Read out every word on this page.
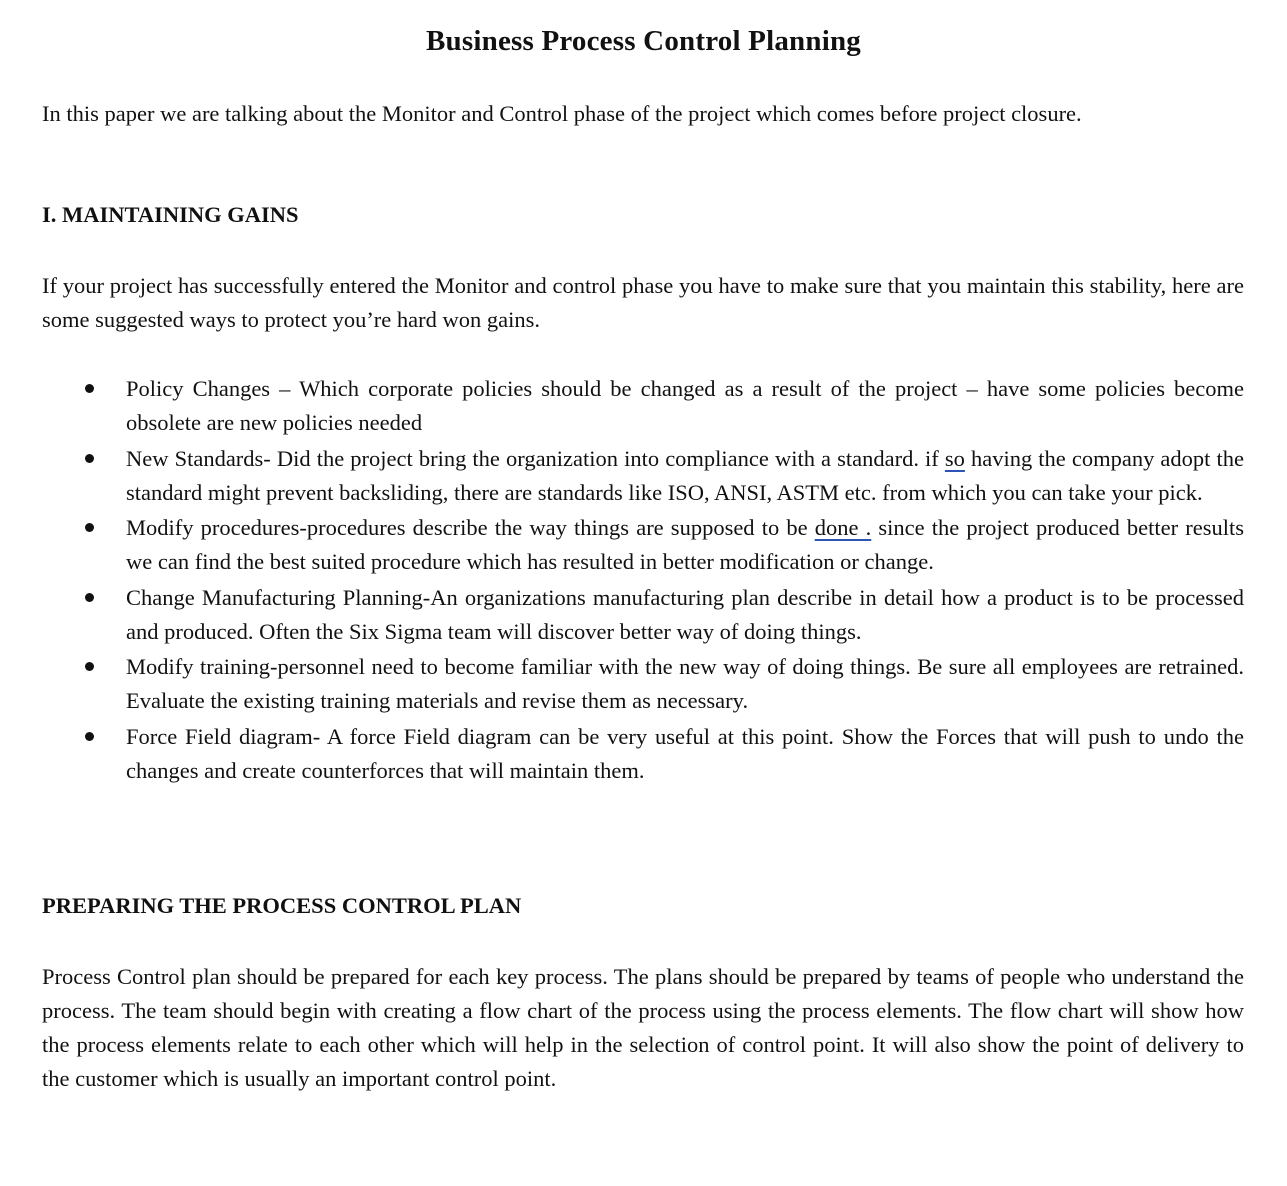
Business Process Control Planning

In this paper we are talking about the Monitor and Control phase of the project which comes before project closure.

I. MAINTAINING GAINS

If your project has successfully entered the Monitor and control phase you have to make sure that you maintain this stability, here are some suggested ways to protect you’re hard won gains.

Policy Changes – Which corporate policies should be changed as a result of the project – have some policies become obsolete are new policies needed
New Standards- Did the project bring the organization into compliance with a standard. if so having the company adopt the standard might prevent backsliding, there are standards like ISO, ANSI, ASTM etc. from which you can take your pick.
Modify procedures-procedures describe the way things are supposed to be done . since the project produced better results we can find the best suited procedure which has resulted in better modification or change.
Change Manufacturing Planning-An organizations manufacturing plan describe in detail how a product is to be processed and produced. Often the Six Sigma team will discover better way of doing things.
Modify training-personnel need to become familiar with the new way of doing things. Be sure all employees are retrained. Evaluate the existing training materials and revise them as necessary.
Force Field diagram- A force Field diagram can be very useful at this point. Show the Forces that will push to undo the changes and create counterforces that will maintain them.
PREPARING THE PROCESS CONTROL PLAN

Process Control plan should be prepared for each key process. The plans should be prepared by teams of people who understand the process. The team should begin with creating a flow chart of the process using the process elements. The flow chart will show how the process elements relate to each other which will help in the selection of control point. It will also show the point of delivery to the customer which is usually an important control point.
